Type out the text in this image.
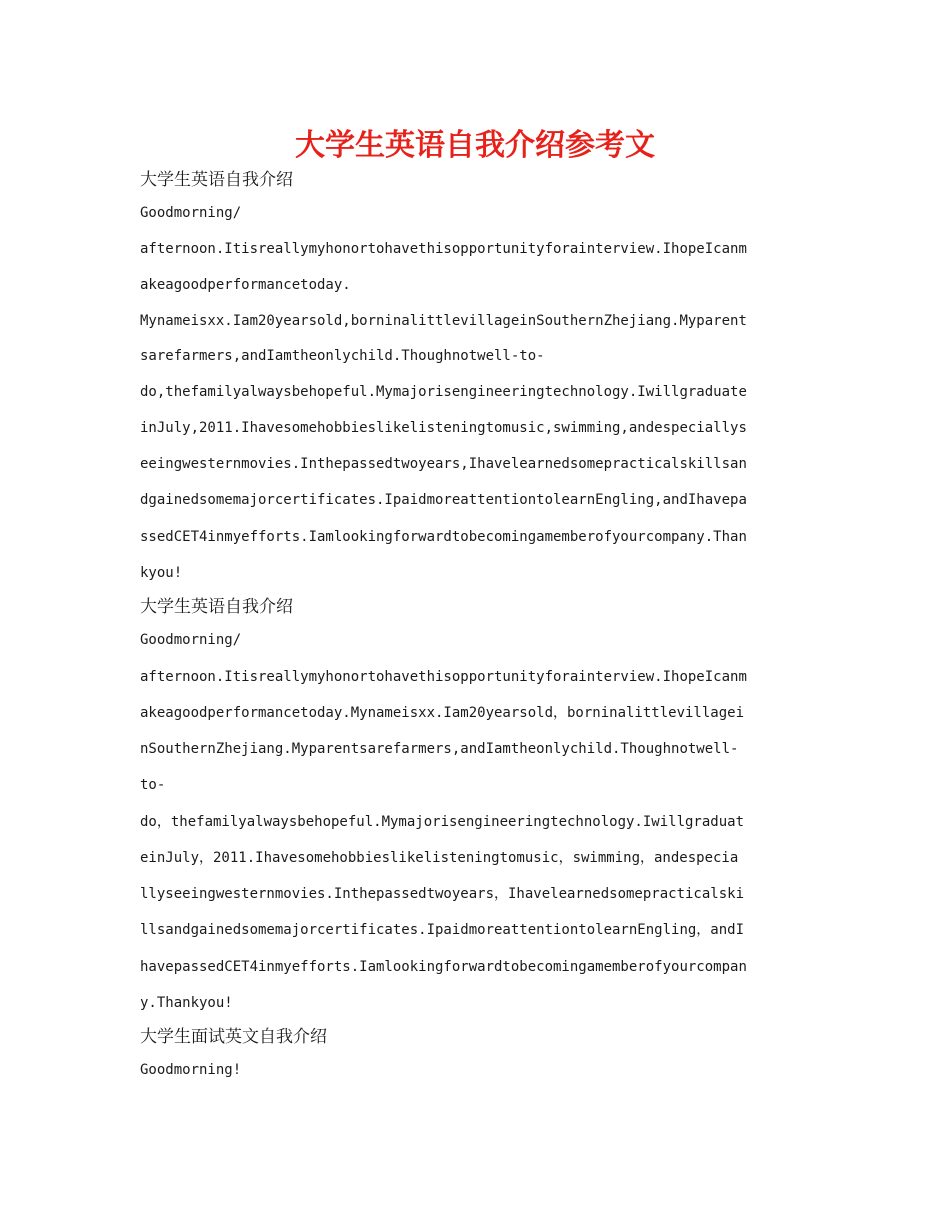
大学生英语自我介绍参考文

大学生英语自我介绍

Goodmorning/

afternoon.Itisreallymyhonortohavethisopportunityforainterview.IhopeIcanm

akeagoodperformancetoday.

Mynameisxx.Iam20yearsold,borninalittlevillageinSouthernZhejiang.Myparent

sarefarmers,andIamtheonlychild.Thoughnotwell-to-

do,thefamilyalwaysbehopeful.Mymajorisengineeringtechnology.Iwillgraduate

inJuly,2011.Ihavesomehobbieslikelisteningtomusic,swimming,andespeciallys

eeingwesternmovies.Inthepassedtwoyears,Ihavelearnedsomepracticalskillsan

dgainedsomemajorcertificates.IpaidmoreattentiontolearnEngling,andIhavepa

ssedCET4inmyefforts.Iamlookingforwardtobecomingamemberofyourcompany.Than

kyou!

大学生英语自我介绍

Goodmorning/

afternoon.Itisreallymyhonortohavethisopportunityforainterview.IhopeIcanm

akeagoodperformancetoday.Mynameisxx.Iam20yearsold，borninalittlevillagei

nSouthernZhejiang.Myparentsarefarmers,andIamtheonlychild.Thoughnotwell-

to-

do，thefamilyalwaysbehopeful.Mymajorisengineeringtechnology.Iwillgraduat

einJuly，2011.Ihavesomehobbieslikelisteningtomusic，swimming，andespecia

llyseeingwesternmovies.Inthepassedtwoyears，Ihavelearnedsomepracticalski

llsandgainedsomemajorcertificates.IpaidmoreattentiontolearnEngling，andI

havepassedCET4inmyefforts.Iamlookingforwardtobecomingamemberofyourcompan

y.Thankyou!

大学生面试英文自我介绍

Goodmorning!
